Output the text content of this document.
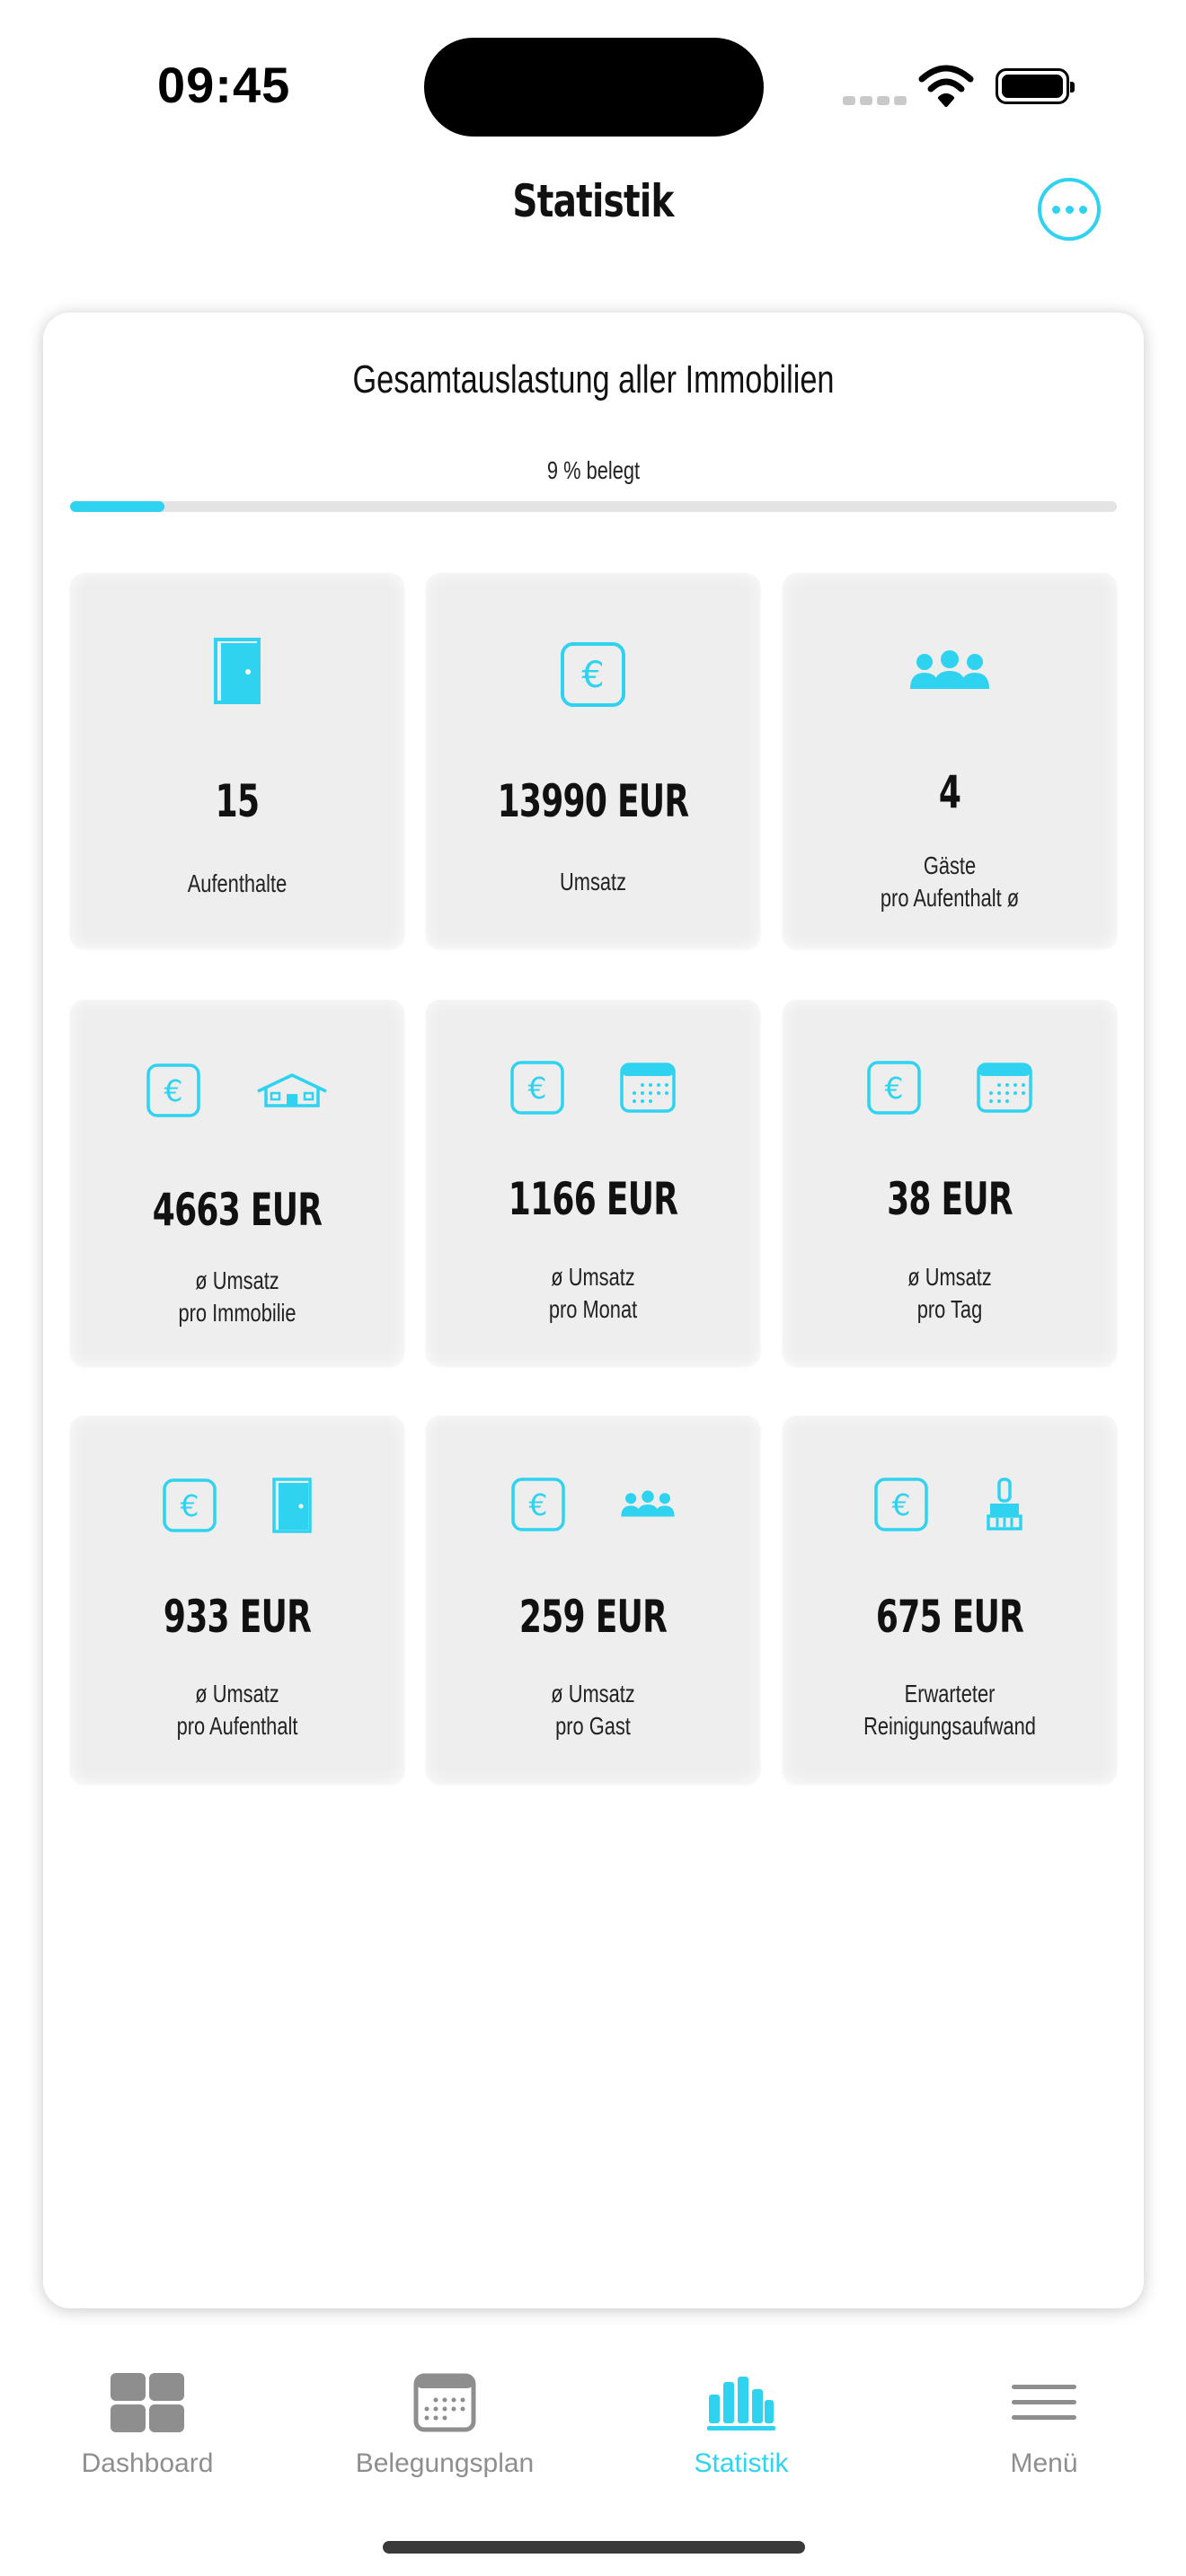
09:45
Statistik
Gesamtauslastung aller Immobilien
9 % belegt
15
Aufenthalte
€
13990 EUR
Umsatz
4
Gäste
pro Aufenthalt ø
€
4663 EUR
ø Umsatz
pro Immobilie
€
1166 EUR
ø Umsatz
pro Monat
€
38 EUR
ø Umsatz
pro Tag
€
933 EUR
ø Umsatz
pro Aufenthalt
€
259 EUR
ø Umsatz
pro Gast
€
675 EUR
Erwarteter
Reinigungsaufwand
Dashboard	Belegungsplan	Statistik	Menü
